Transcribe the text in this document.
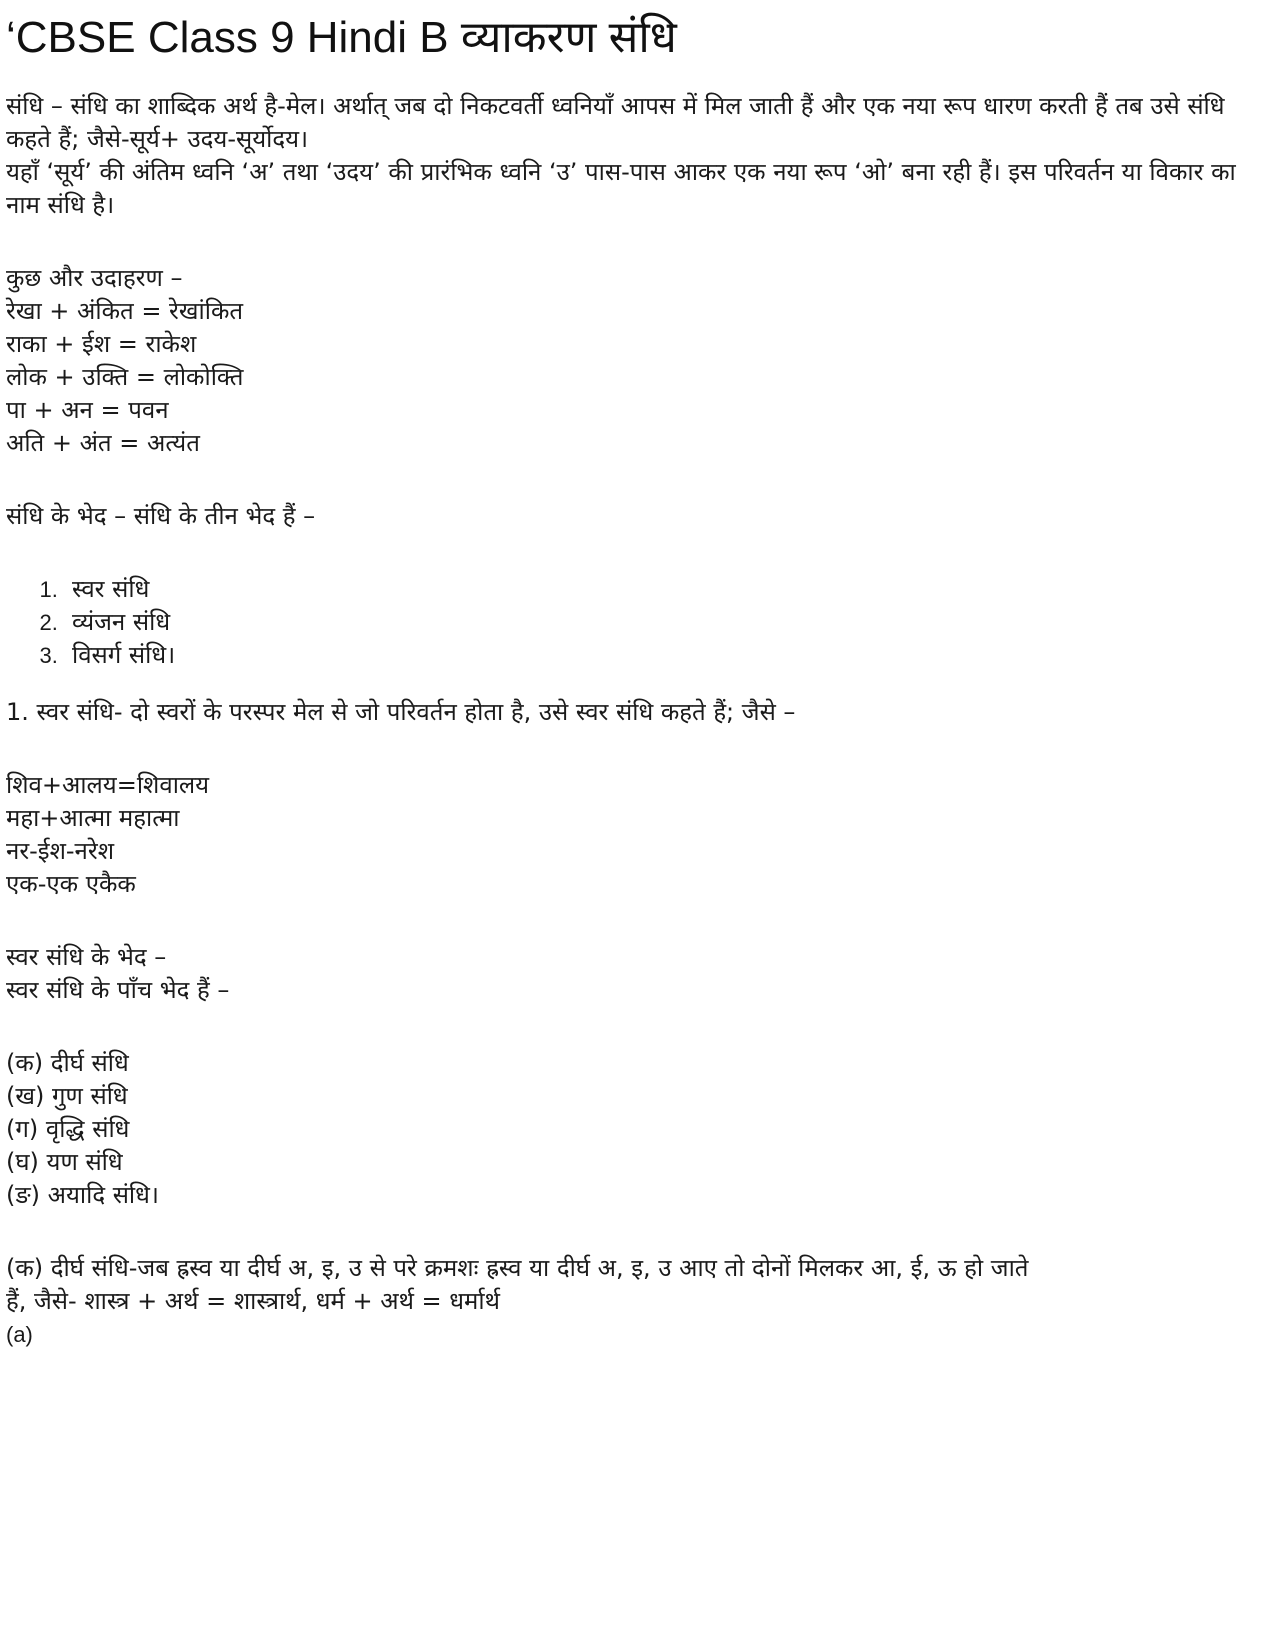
‘CBSE Class 9 Hindi B व्याकरण संधि

संधि – संधि का शाब्दिक अर्थ है-मेल। अर्थात् जब दो निकटवर्ती ध्वनियाँ आपस में मिल जाती हैं और एक नया रूप धारण करती हैं तब उसे संधि कहते हैं; जैसे-सूर्य+ उदय-सूर्योदय।

यहाँ ‘सूर्य’ की अंतिम ध्वनि ‘अ’ तथा ‘उदय’ की प्रारंभिक ध्वनि ‘उ’ पास-पास आकर एक नया रूप ‘ओ’ बना रही हैं। इस परिवर्तन या विकार का नाम संधि है।

कुछ और उदाहरण –
रेखा + अंकित = रेखांकित
राका + ईश = राकेश
लोक + उक्ति = लोकोक्ति
पा + अन = पवन
अति + अंत = अत्यंत

संधि के भेद – संधि के तीन भेद हैं –

1. स्वर संधि
2. व्यंजन संधि
3. विसर्ग संधि।

1. स्वर संधि- दो स्वरों के परस्पर मेल से जो परिवर्तन होता है, उसे स्वर संधि कहते हैं; जैसे –

शिव+आलय=शिवालय
महा+आत्मा महात्मा
नर-ईश-नरेश
एक-एक एकैक
स्वर संधि के भेद –
स्वर संधि के पाँच भेद हैं –
(क) दीर्घ संधि
(ख) गुण संधि
(ग) वृद्धि संधि
(घ) यण संधि
(ङ) अयादि संधि।

(क) दीर्घ संधि-जब ह्रस्व या दीर्घ अ, इ, उ से परे क्रमशः ह्रस्व या दीर्घ अ, इ, उ आए तो दोनों मिलकर आ, ई, ऊ हो जाते हैं, जैसे- शास्त्र + अर्थ = शास्त्रार्थ, धर्म + अर्थ = धर्मार्थ

(a)
